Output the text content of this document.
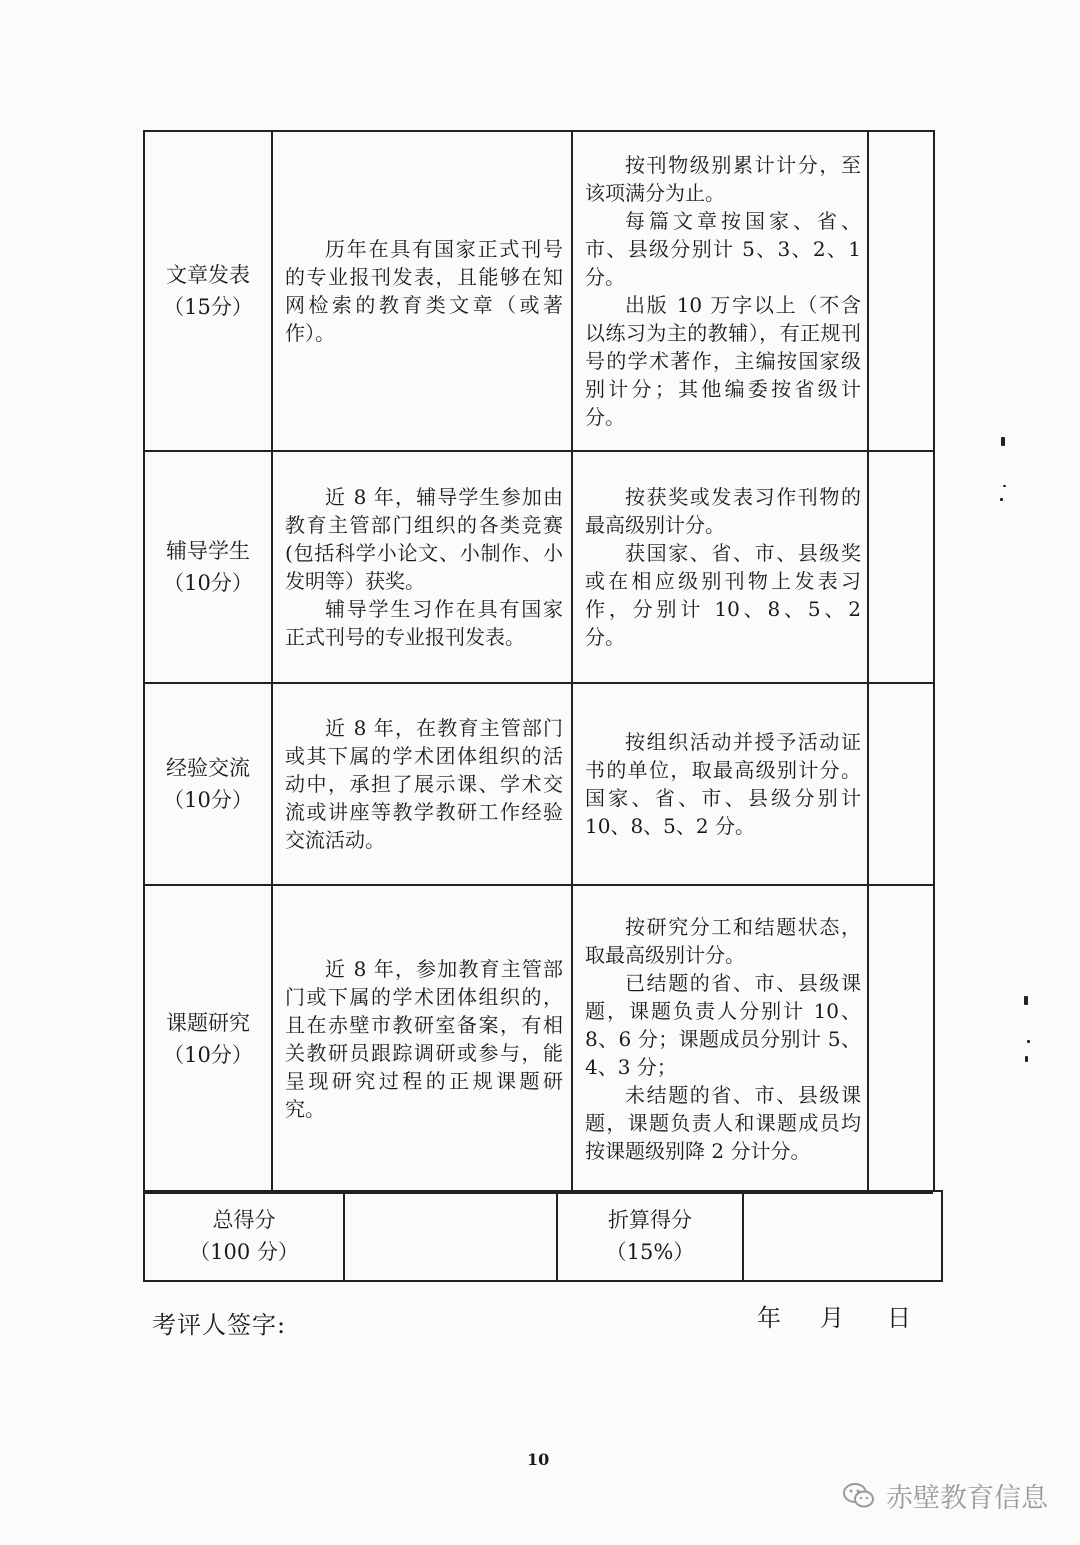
文章发表
（15分）

历年在具有国家正式刊号的专业报刊发表，且能够在知网检索的教育类文章（或著作）。

按刊物级别累计计分，至该项满分为止。

每篇文章按国家、省、市、县级分别计 5、3、2、1 分。

出版 10 万字以上（不含以练习为主的教辅），有正规刊号的学术著作，主编按国家级别计分；其他编委按省级计分。

辅导学生
（10分）

近 8 年，辅导学生参加由教育主管部门组织的各类竞赛(包括科学小论文、小制作、小发明等）获奖。

辅导学生习作在具有国家正式刊号的专业报刊发表。

按获奖或发表习作刊物的最高级别计分。

获国家、省、市、县级奖或在相应级别刊物上发表习作，分别计 10、8、5、2 分。

经验交流
（10分）

近 8 年，在教育主管部门或其下属的学术团体组织的活动中，承担了展示课、学术交流或讲座等教学教研工作经验交流活动。

按组织活动并授予活动证书的单位，取最高级别计分。国家、省、市、县级分别计 10、8、5、2 分。

课题研究
（10分）

近 8 年，参加教育主管部门或下属的学术团体组织的，且在赤壁市教研室备案，有相关教研员跟踪调研或参与，能呈现研究过程的正规课题研究。

按研究分工和结题状态，取最高级别计分。

已结题的省、市、县级课题，课题负责人分别计 10、8、6 分；课题成员分别计 5、4、3 分；

未结题的省、市、县级课题，课题负责人和课题成员均按课题级别降 2 分计分。

总得分
（100 分）
折算得分
（15%）
考评人签字:	年 月 日
10
赤壁教育信息
